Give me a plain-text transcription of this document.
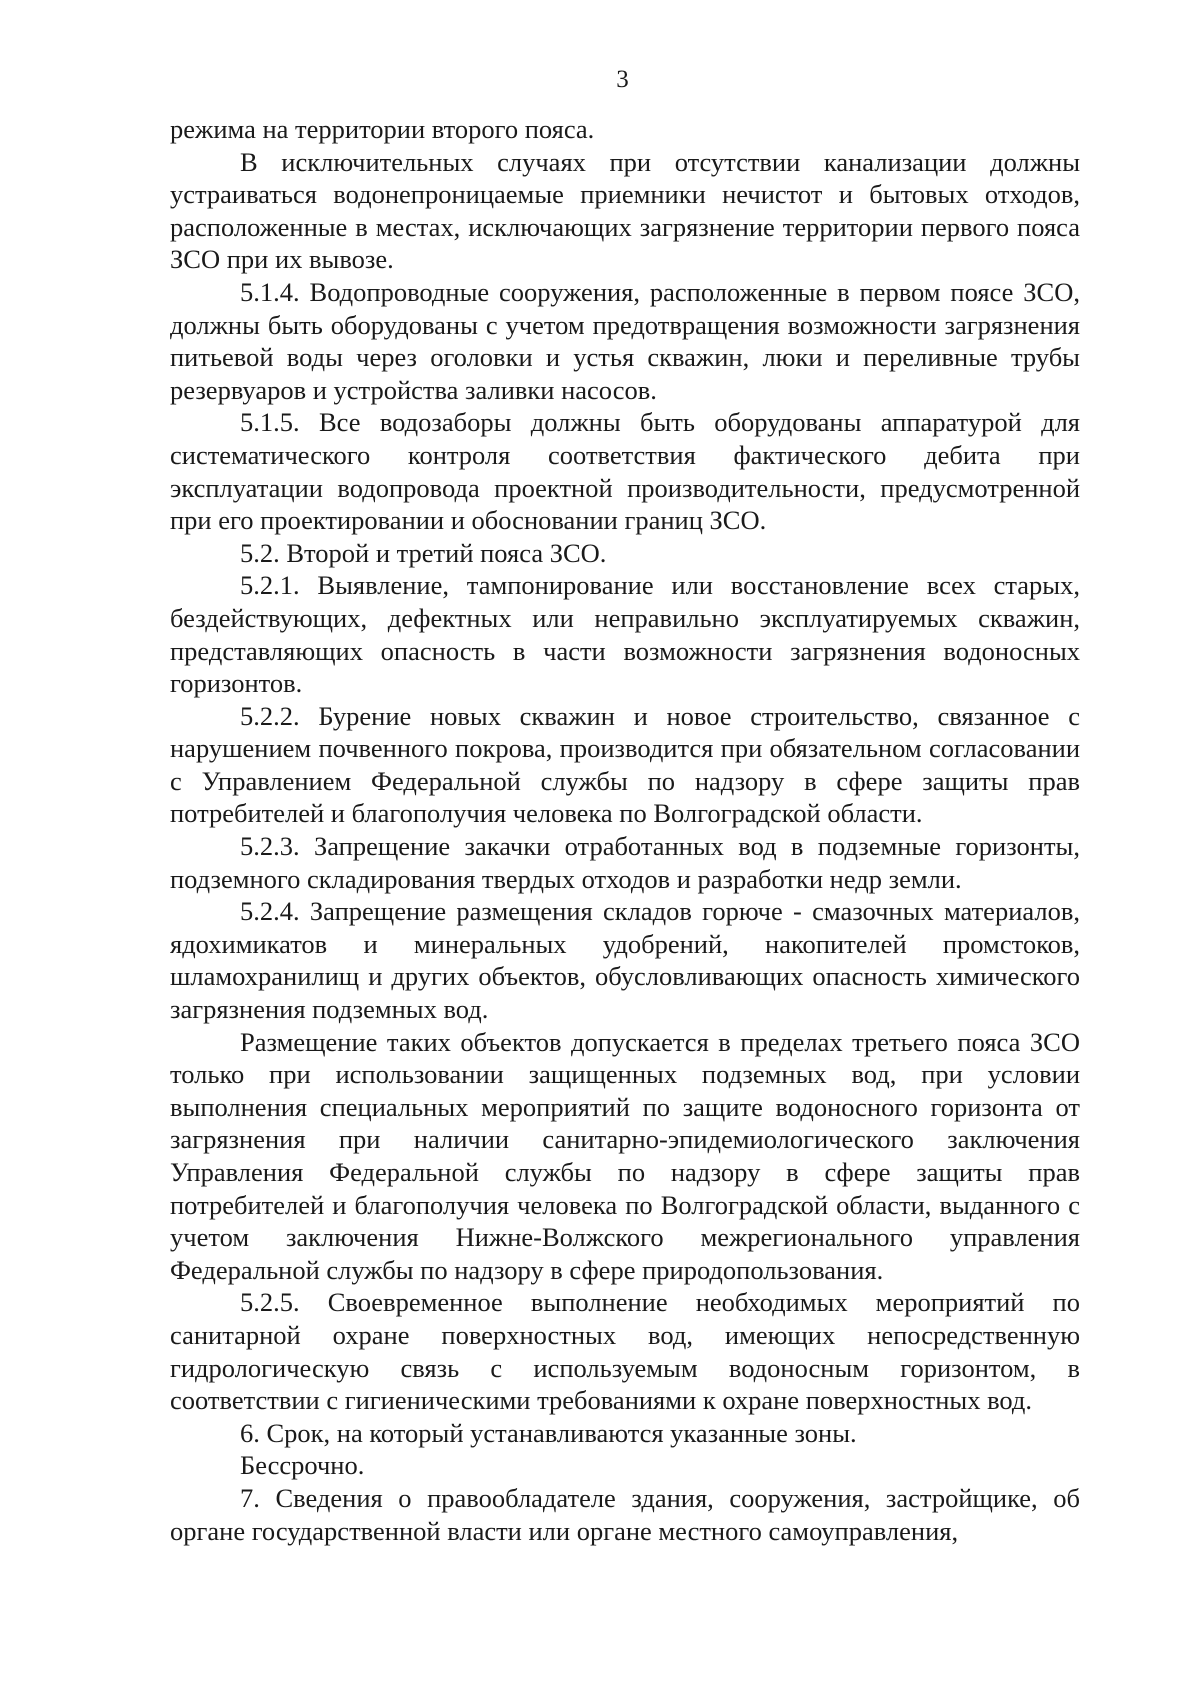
3

режима на территории второго пояса.

В исключительных случаях при отсутствии канализации должны устраиваться водонепроницаемые приемники нечистот и бытовых отходов, расположенные в местах, исключающих загрязнение территории первого пояса ЗСО при их вывозе.

5.1.4. Водопроводные сооружения, расположенные в первом поясе ЗСО, должны быть оборудованы с учетом предотвращения возможности загрязнения питьевой воды через оголовки и устья скважин, люки и переливные трубы резервуаров и устройства заливки насосов.

5.1.5. Все водозаборы должны быть оборудованы аппаратурой для систематического контроля соответствия фактического дебита при эксплуатации водопровода проектной производительности, предусмотренной при его проектировании и обосновании границ ЗСО.

5.2. Второй и третий пояса ЗСО.

5.2.1. Выявление, тампонирование или восстановление всех старых, бездействующих, дефектных или неправильно эксплуатируемых скважин, представляющих опасность в части возможности загрязнения водоносных горизонтов.

5.2.2. Бурение новых скважин и новое строительство, связанное с нарушением почвенного покрова, производится при обязательном согласовании с Управлением Федеральной службы по надзору в сфере защиты прав потребителей и благополучия человека по Волгоградской области.

5.2.3. Запрещение закачки отработанных вод в подземные горизонты, подземного складирования твердых отходов и разработки недр земли.

5.2.4. Запрещение размещения складов горюче - смазочных материалов, ядохимикатов и минеральных удобрений, накопителей промстоков, шламохранилищ и других объектов, обусловливающих опасность химического загрязнения подземных вод.

Размещение таких объектов допускается в пределах третьего пояса ЗСО только при использовании защищенных подземных вод, при условии выполнения специальных мероприятий по защите водоносного горизонта от загрязнения при наличии санитарно-эпидемиологического заключения Управления Федеральной службы по надзору в сфере защиты прав потребителей и благополучия человека по Волгоградской области, выданного с учетом заключения Нижне-Волжского межрегионального управления Федеральной службы по надзору в сфере природопользования.

5.2.5. Своевременное выполнение необходимых мероприятий по санитарной охране поверхностных вод, имеющих непосредственную гидрологическую связь с используемым водоносным горизонтом, в соответствии с гигиеническими требованиями к охране поверхностных вод.

6. Срок, на который устанавливаются указанные зоны.

Бессрочно.

7. Сведения о правообладателе здания, сооружения, застройщике, об органе государственной власти или органе местного самоуправления,
